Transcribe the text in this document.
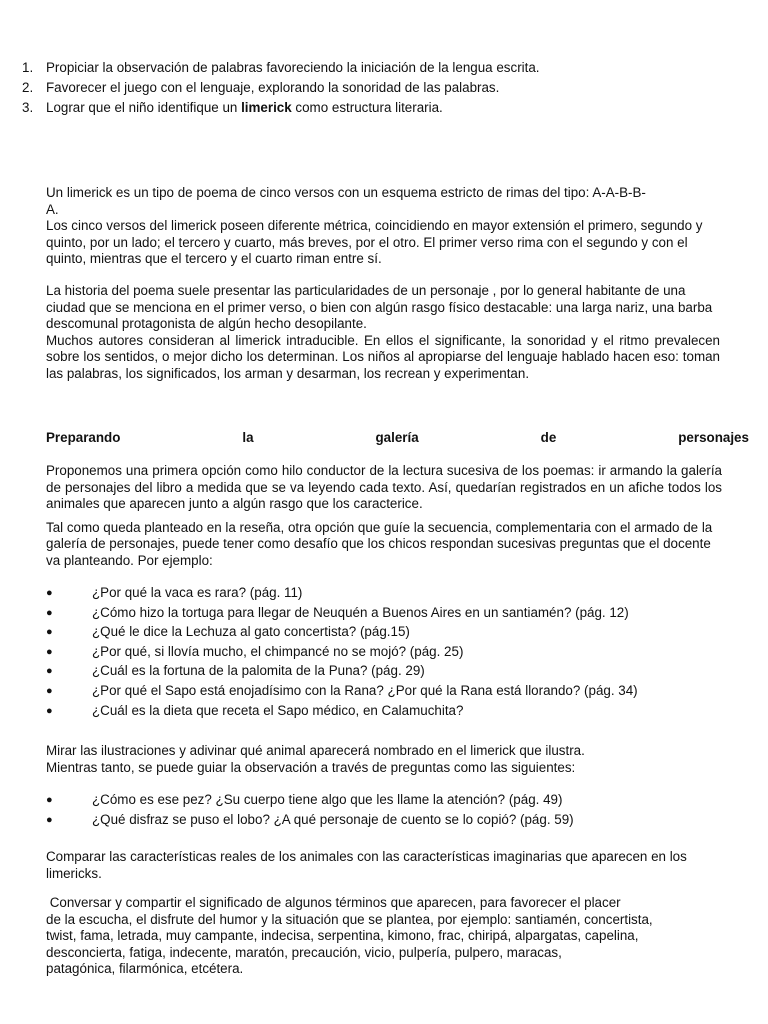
1. Propiciar la observación de palabras favoreciendo la iniciación de la lengua escrita.
2. Favorecer el juego con el lenguaje, explorando la sonoridad de las palabras.
3. Lograr que el niño identifique un limerick como estructura literaria.

Un limerick es un tipo de poema de cinco versos con un esquema estricto de rimas del tipo: A-A-B-B-

A.

Los cinco versos del limerick poseen diferente métrica, coincidiendo en mayor extensión el primero, segundo y quinto, por un lado; el tercero y cuarto, más breves, por el otro. El primer verso rima con el segundo y con el quinto, mientras que el tercero y el cuarto riman entre sí.

La historia del poema suele presentar las particularidades de un personaje , por lo general habitante de una ciudad que se menciona en el primer verso, o bien con algún rasgo físico destacable: una larga nariz, una barba descomunal protagonista de algún hecho desopilante.

Muchos autores consideran al limerick intraducible. En ellos el significante, la sonoridad y el ritmo prevalecen sobre los sentidos, o mejor dicho los determinan. Los niños al apropiarse del lenguaje hablado hacen eso: toman las palabras, los significados, los arman y desarman, los recrean y experimentan.

Preparando	la	galería	de	personajes

Proponemos una primera opción como hilo conductor de la lectura sucesiva de los poemas: ir armando la galería de personajes del libro a medida que se va leyendo cada texto. Así, quedarían registrados en un afiche todos los animales que aparecen junto a algún rasgo que los caracterice.

Tal como queda planteado en la reseña, otra opción que guíe la secuencia, complementaria con el armado de la galería de personajes, puede tener como desafío que los chicos respondan sucesivas preguntas que el docente va planteando. Por ejemplo:

●	¿Por qué la vaca es rara? (pág. 11)
●	¿Cómo hizo la tortuga para llegar de Neuquén a Buenos Aires en un santiamén? (pág. 12)
●	¿Qué le dice la Lechuza al gato concertista? (pág.15)
●	¿Por qué, si llovía mucho, el chimpancé no se mojó? (pág. 25)
●	¿Cuál es la fortuna de la palomita de la Puna? (pág. 29)
●	¿Por qué el Sapo está enojadísimo con la Rana? ¿Por qué la Rana está llorando? (pág. 34)
●	¿Cuál es la dieta que receta el Sapo médico, en Calamuchita?

Mirar las ilustraciones y adivinar qué animal aparecerá nombrado en el limerick que ilustra.

Mientras tanto, se puede guiar la observación a través de preguntas como las siguientes:

●	¿Cómo es ese pez? ¿Su cuerpo tiene algo que les llame la atención? (pág. 49)
●	¿Qué disfraz se puso el lobo? ¿A qué personaje de cuento se lo copió? (pág. 59)

Comparar las características reales de los animales con las características imaginarias que aparecen en los limericks.

Conversar y compartir el significado de algunos términos que aparecen, para favorecer el placer

de la escucha, el disfrute del humor y la situación que se plantea, por ejemplo: santiamén, concertista,

twist, fama, letrada, muy campante, indecisa, serpentina, kimono, frac, chiripá, alpargatas, capelina,

desconcierta, fatiga, indecente, maratón, precaución, vicio, pulpería, pulpero, maracas,

patagónica, filarmónica, etcétera.
